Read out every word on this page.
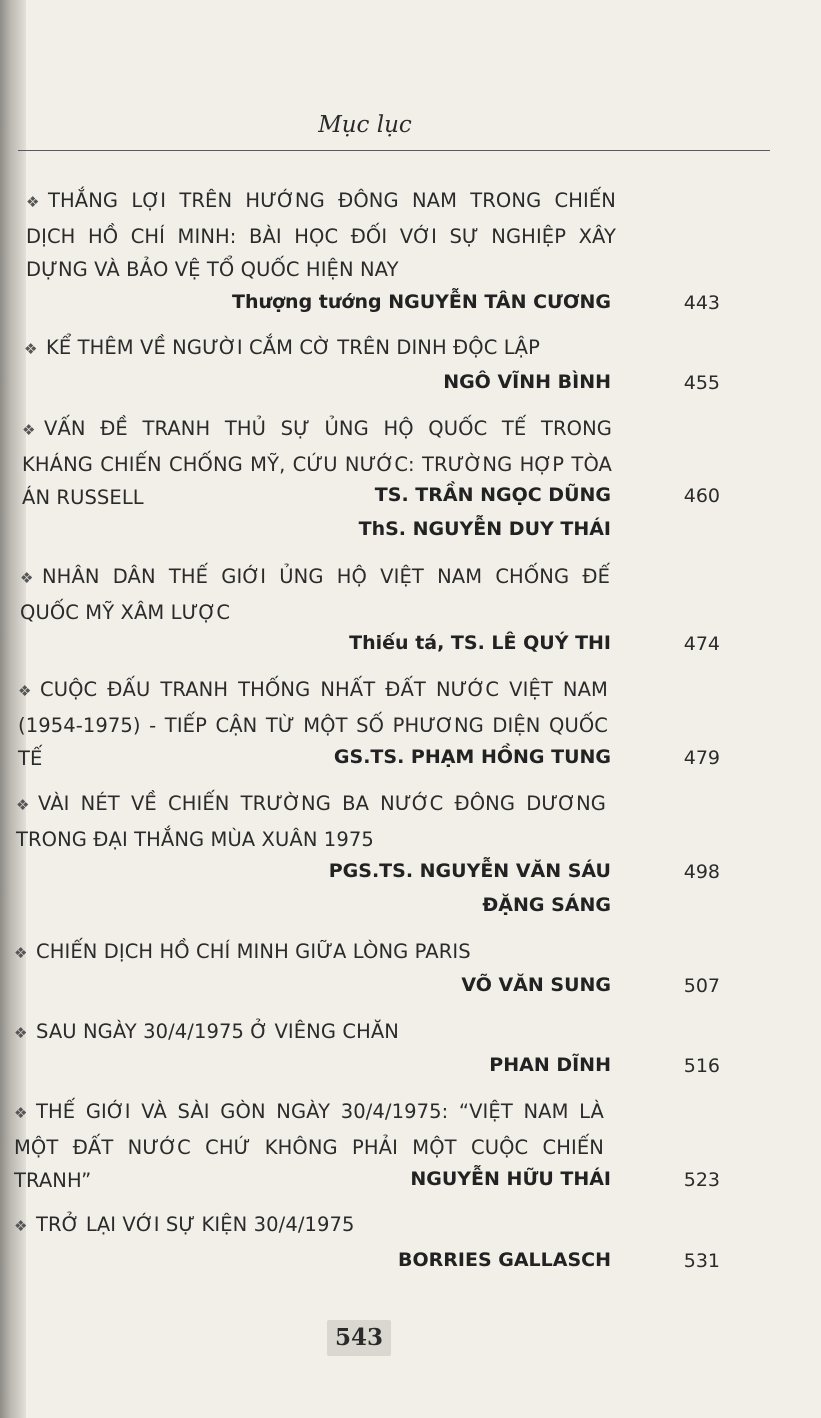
Mục lục
❖ THẮNG LỢI TRÊN HƯỚNG ĐÔNG NAM TRONG CHIẾN DỊCH HỒ CHÍ MINH: BÀI HỌC ĐỐI VỚI SỰ NGHIỆP XÂY DỰNG VÀ BẢO VỆ TỔ QUỐC HIỆN NAY
Thượng tướng NGUYỄN TÂN CƯƠNG	443
❖ KỂ THÊM VỀ NGƯỜI CẮM CỜ TRÊN DINH ĐỘC LẬP
NGÔ VĨNH BÌNH	455
❖ VẤN ĐỀ TRANH THỦ SỰ ỦNG HỘ QUỐC TẾ TRONG KHÁNG CHIẾN CHỐNG MỸ, CỨU NƯỚC: TRƯỜNG HỢP TÒA ÁN RUSSELL	TS. TRẦN NGỌC DŨNG	460
ThS. NGUYỄN DUY THÁI
❖ NHÂN DÂN THẾ GIỚI ỦNG HỘ VIỆT NAM CHỐNG ĐẾ QUỐC MỸ XÂM LƯỢC
Thiếu tá, TS. LÊ QUÝ THI	474
❖ CUỘC ĐẤU TRANH THỐNG NHẤT ĐẤT NƯỚC VIỆT NAM (1954-1975) - TIẾP CẬN TỪ MỘT SỐ PHƯƠNG DIỆN QUỐC TẾ	GS.TS. PHẠM HỒNG TUNG	479
❖ VÀI NÉT VỀ CHIẾN TRƯỜNG BA NƯỚC ĐÔNG DƯƠNG TRONG ĐẠI THẮNG MÙA XUÂN 1975
PGS.TS. NGUYỄN VĂN SÁU	498
ĐẶNG SÁNG
❖ CHIẾN DỊCH HỒ CHÍ MINH GIỮA LÒNG PARIS
VÕ VĂN SUNG	507
❖ SAU NGÀY 30/4/1975 Ở VIÊNG CHĂN
PHAN DĨNH	516
❖ THẾ GIỚI VÀ SÀI GÒN NGÀY 30/4/1975: “VIỆT NAM LÀ MỘT ĐẤT NƯỚC CHỨ KHÔNG PHẢI MỘT CUỘC CHIẾN TRANH”	NGUYỄN HỮU THÁI	523
❖ TRỞ LẠI VỚI SỰ KIỆN 30/4/1975
BORRIES GALLASCH	531
543
